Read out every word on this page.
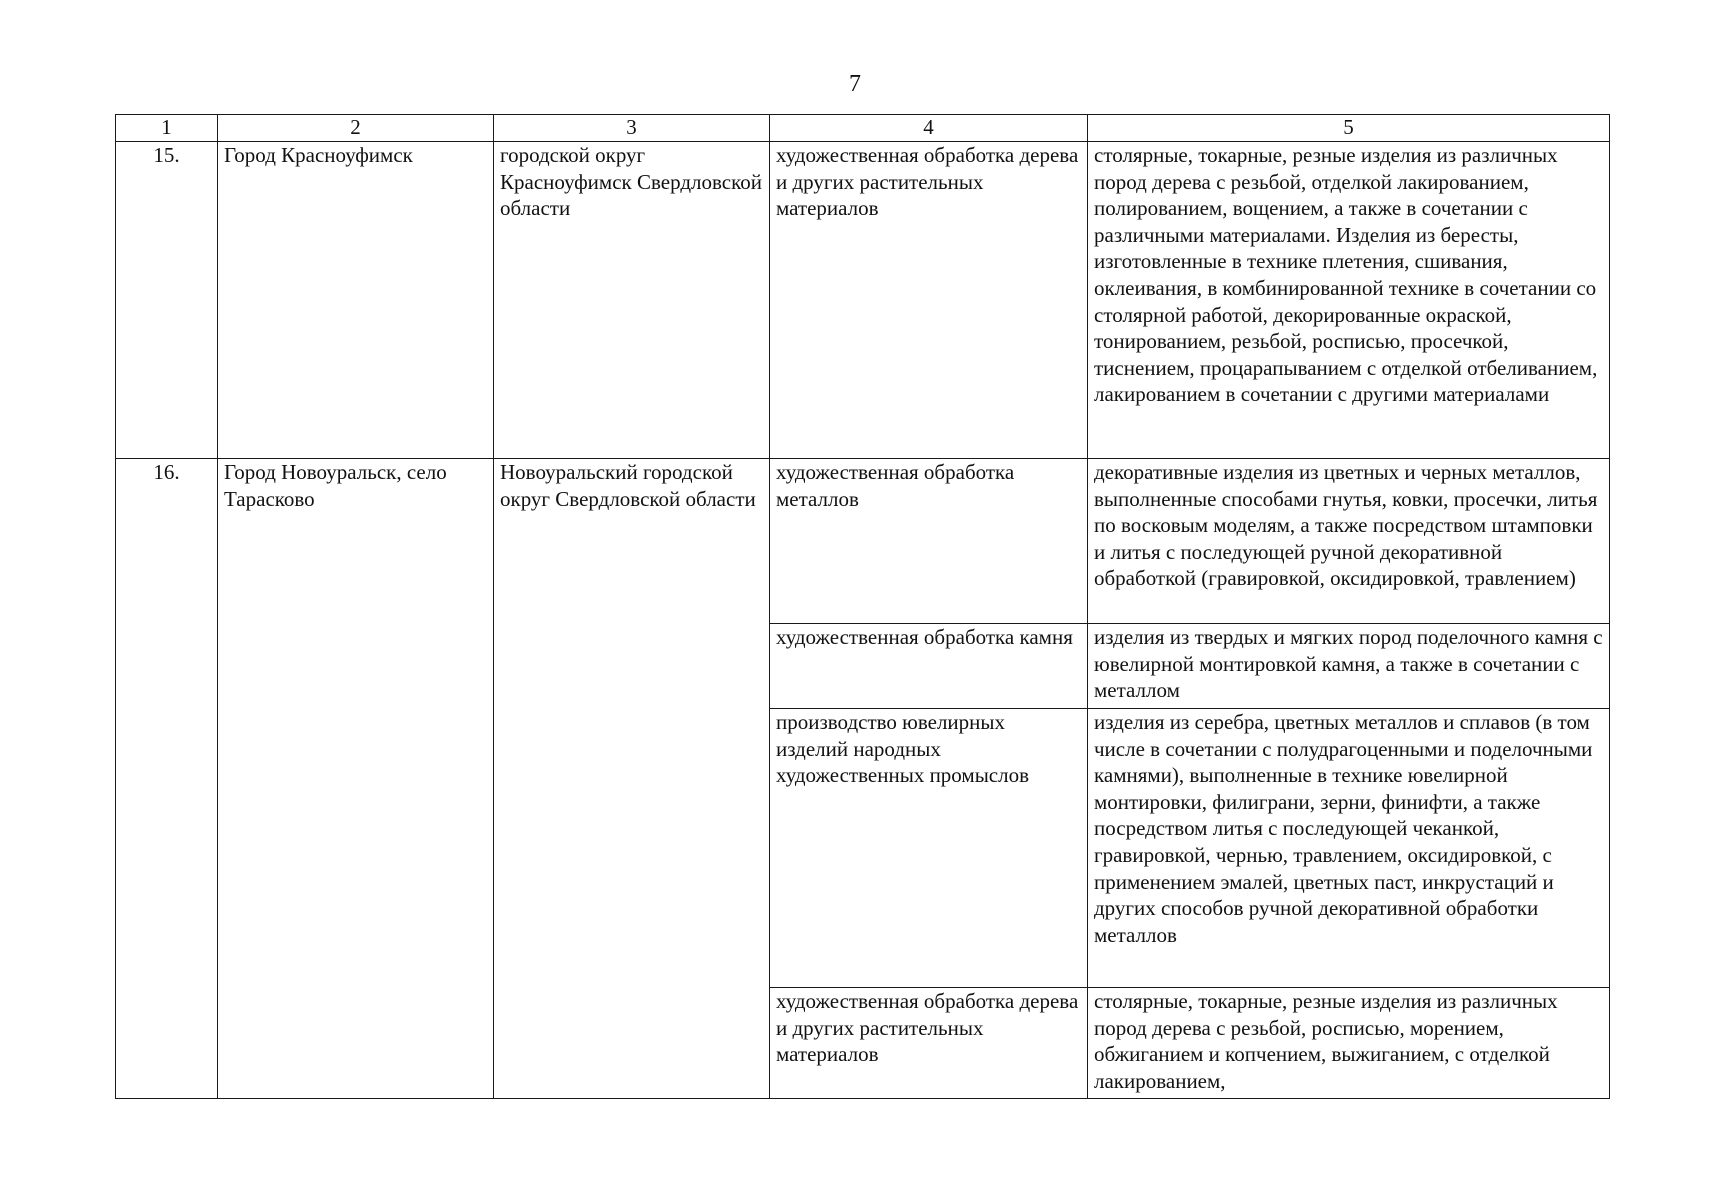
7
1	2	3	4	5
15.	Город Красноуфимск	городской округ Красноуфимск Свердловской области	художественная обработка дерева и других растительных материалов	столярные, токарные, резные изделия из различных пород дерева с резьбой, отделкой лакированием, полированием, вощением, а также в сочетании с различными материалами. Изделия из бересты, изготовленные в технике плетения, сшивания, оклеивания, в комбинированной технике в сочетании со столярной работой, декорированные окраской, тонированием, резьбой, росписью, просечкой, тиснением, процарапыванием с отделкой отбеливанием, лакированием в сочетании с другими материалами
16.	Город Новоуральск, село Тарасково	Новоуральский городской округ Свердловской области	художественная обработка металлов	декоративные изделия из цветных и черных металлов, выполненные способами гнутья, ковки, просечки, литья по восковым моделям, а также посредством штамповки и литья с последующей ручной декоративной обработкой (гравировкой, оксидировкой, травлением)
			художественная обработка камня	изделия из твердых и мягких пород поделочного камня с ювелирной монтировкой камня, а также в сочетании с металлом
			производство ювелирных изделий народных художественных промыслов	изделия из серебра, цветных металлов и сплавов (в том числе в сочетании с полудрагоценными и поделочными камнями), выполненные в технике ювелирной монтировки, филиграни, зерни, финифти, а также посредством литья с последующей чеканкой, гравировкой, чернью, травлением, оксидировкой, с применением эмалей, цветных паст, инкрустаций и других способов ручной декоративной обработки металлов
			художественная обработка дерева и других растительных материалов	столярные, токарные, резные изделия из различных пород дерева с резьбой, росписью, морением, обжиганием и копчением, выжиганием, с отделкой лакированием,
